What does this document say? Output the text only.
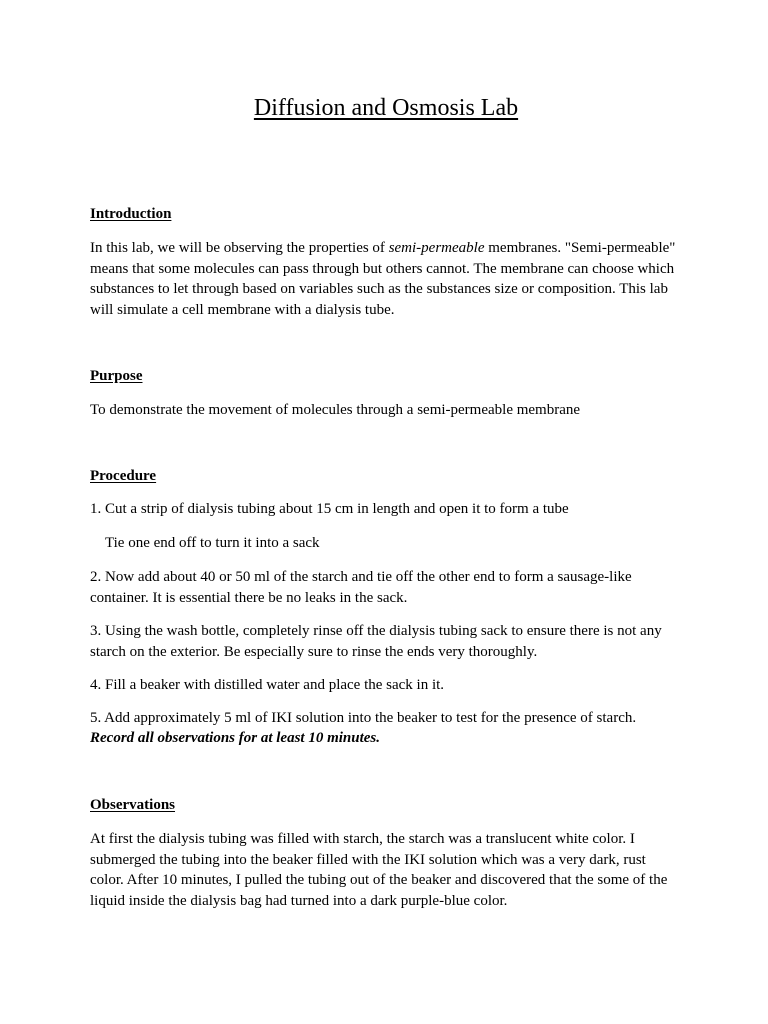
Diffusion and Osmosis Lab
Introduction
In this lab, we will be observing the properties of semi-permeable membranes. "Semi-permeable" means that some molecules can pass through but others cannot. The membrane can choose which substances to let through based on variables such as the substances size or composition. This lab will simulate a cell membrane with a dialysis tube.
Purpose
To demonstrate the movement of molecules through a semi-permeable membrane
Procedure
1. Cut a strip of dialysis tubing about 15 cm in length and open it to form a tube
Tie one end off to turn it into a sack
2. Now add about 40 or 50 ml of the starch and tie off the other end to form a sausage-like container. It is essential there be no leaks in the sack.
3. Using the wash bottle, completely rinse off the dialysis tubing sack to ensure there is not any starch on the exterior. Be especially sure to rinse the ends very thoroughly.
4. Fill a beaker with distilled water and place the sack in it.
5. Add approximately 5 ml of IKI solution into the beaker to test for the presence of starch.
Record all observations for at least 10 minutes.
Observations
At first the dialysis tubing was filled with starch, the starch was a translucent white color. I submerged the tubing into the beaker filled with the IKI solution which was a very dark, rust color. After 10 minutes, I pulled the tubing out of the beaker and discovered that the some of the liquid inside the dialysis bag had turned into a dark purple-blue color.
